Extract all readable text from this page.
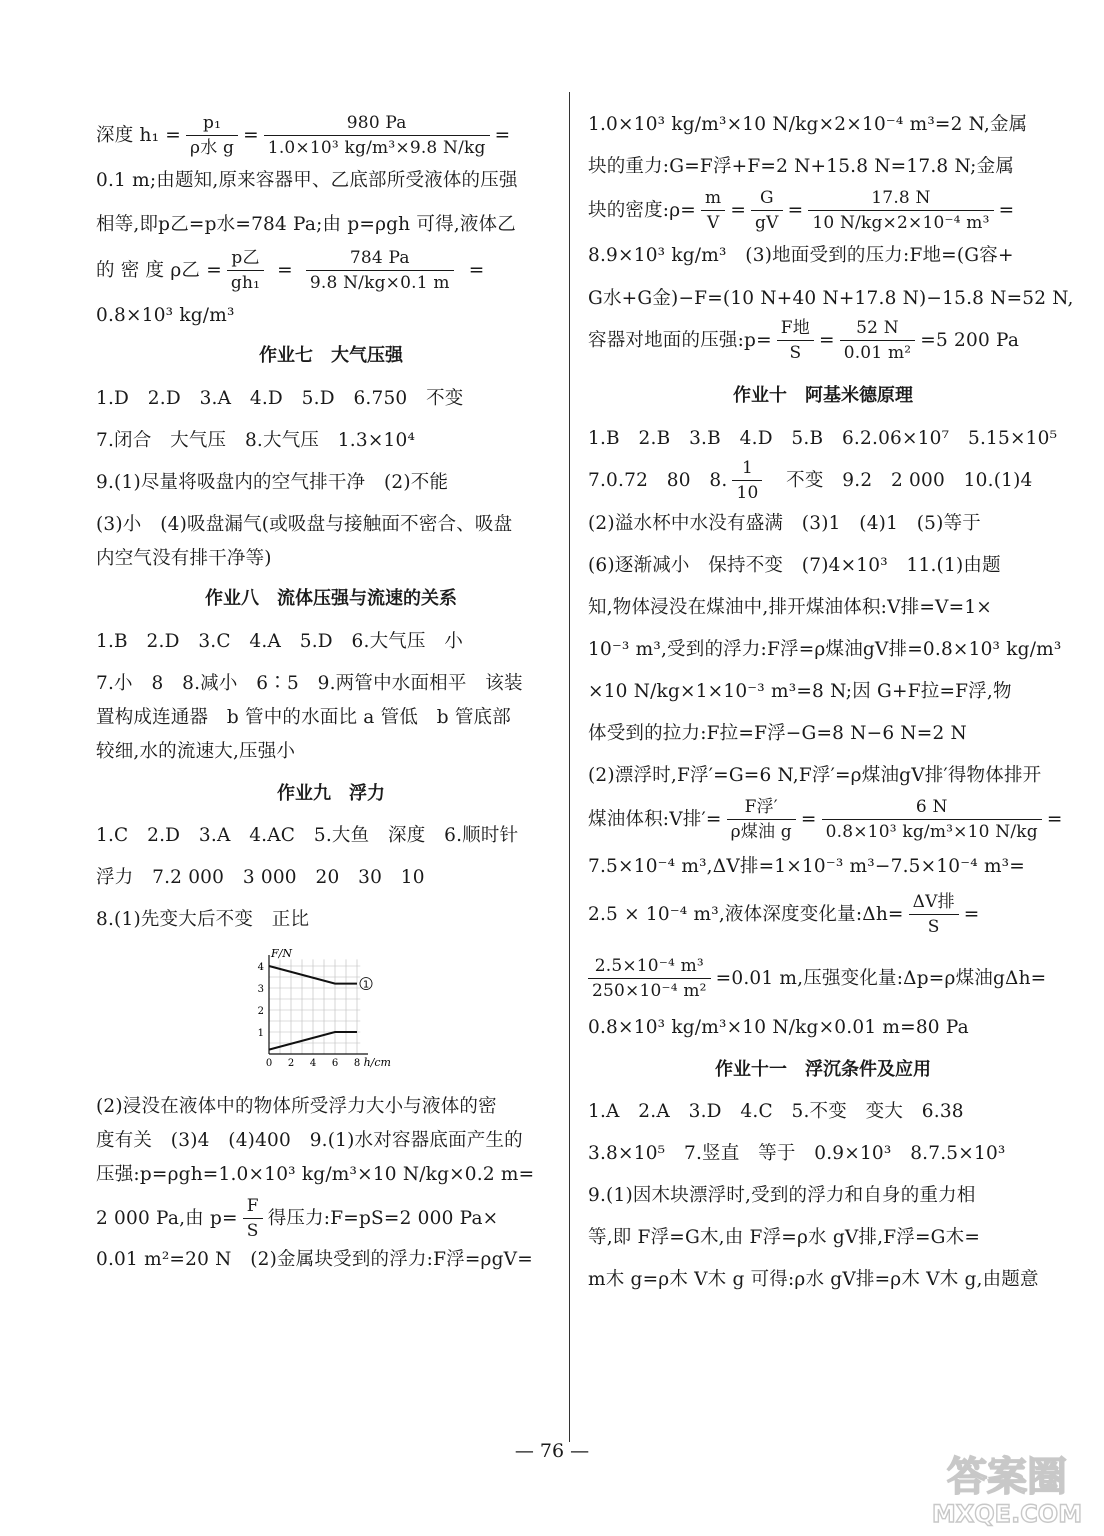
深度 $h_1 = \frac{\text{p₁}}{\text{ρ水 g}} = \frac{980 Pa}{\text{1.0×10³ kg/m³×9.8 N/kg}}$ =
0.1 m;由题知,原来容器甲、乙底部所受液体的压强
相等,即p乙=p水=784 Pa;由 p=ρgh 可得,液体乙
的 密 度 ρ乙 = $\frac{\text{p乙}}{\text{gh₁}} = \frac{784 Pa}{9.8 N/kg\times 0.1 m}$ =
0.8×10³ kg/m³
作业七　大气压强
1.D　2.D　3.A　4.D　5.D　6.750　不变
7.闭合　大气压　8.大气压　1.3×10⁴
9.(1)尽量将吸盘内的空气排干净　(2)不能
(3)小　(4)吸盘漏气(或吸盘与接触面不密合、吸盘
内空气没有排干净等)
作业八　流体压强与流速的关系
1.B　2.D　3.C　4.A　5.D　6.大气压　小
7.小　8　8.减小　6∶5　9.两管中水面相平　该装
置构成连通器　b 管中的水面比 a 管低　b 管底部
较细,水的流速大,压强小
作业九　浮力
1.C　2.D　3.A　4.AC　5.大鱼　深度　6.顺时针
浮力　7.2 000　3 000　20　30　10
8.(1)先变大后不变　正比
F/N
h/cm
0 2 4 6 8
1
2
3
4
1
(2)浸没在液体中的物体所受浮力大小与液体的密
度有关　(3)4　(4)400　9.(1)水对容器底面产生的
压强:p=ρgh=1.0×10³ kg/m³×10 N/kg×0.2 m=
2 000 Pa,由 $p= \frac{F}{S}$ 得压力:F=pS=2 000 Pa×
0.01 m²=20 N　(2)金属块受到的浮力:F浮=ρgV=
1.0×10³ kg/m³×10 N/kg×2×10⁻⁴ m³=2 N,金属
块的重力:G=F浮+F=2 N+15.8 N=17.8 N;金属
块的密度:ρ= $\frac{m}{V} = \frac{G}{gV} = \frac{17.8 N}{\text{10 N/kg×2×10⁻⁴ m³}}$ =
8.9×10³ kg/m³　(3)地面受到的压力:F地=(G容+
G水+G金)−F=(10 N+40 N+17.8 N)−15.8 N=52 N,
容器对地面的压强:p= $\frac{\text{F地}}{S} = \frac{52 N}{\text{0.01 m²}} =5$ 200 Pa
作业十　阿基米德原理
1.B　2.B　3.B　4.D　5.B　6.2.06×10⁷　5.15×10⁵
7.0.72　80　8. $\frac{1}{10}$ 　不变　9.2　2 000　10.(1)4
(2)溢水杯中水没有盛满　(3)1　(4)1　(5)等于
(6)逐渐减小　保持不变　(7)4×10³　11.(1)由题
知,物体浸没在煤油中,排开煤油体积:V排=V=1×
10⁻³ m³,受到的浮力:F浮=ρ煤油gV排=0.8×10³ kg/m³
×10 N/kg×1×10⁻³ m³=8 N;因 G+F拉=F浮,物
体受到的拉力:F拉=F浮−G=8 N−6 N=2 N
(2)漂浮时,F浮′=G=6 N,F浮′=ρ煤油gV排′得物体排开
煤油体积:V排′= $\frac{\text{F浮′}}{\text{ρ煤油 g}} = \frac{6 N}{\text{0.8×10³ kg/m³×10 N/kg}}$ =
7.5×10⁻⁴ m³,ΔV排=1×10⁻³ m³−7.5×10⁻⁴ m³=
2.5 × 10⁻⁴ m³,液体深度变化量:Δh= $\frac{\text{ΔV排}}{S}$ =
$\frac{\text{2.5×10⁻⁴ m³}}{\text{250×10⁻⁴ m²}} =0.01$ m,压强变化量:Δp=ρ煤油gΔh=
0.8×10³ kg/m³×10 N/kg×0.01 m=80 Pa
作业十一　浮沉条件及应用
1.A　2.A　3.D　4.C　5.不变　变大　6.38
3.8×10⁵　7.竖直　等于　0.9×10³　8.7.5×10³
9.(1)因木块漂浮时,受到的浮力和自身的重力相
等,即 F浮=G木,由 F浮=ρ水 gV排,F浮=G木=
m木 g=ρ木 V木 g 可得:ρ水 gV排=ρ木 V木 g,由题意
— 76 —
答案圈
MXQE.COM
